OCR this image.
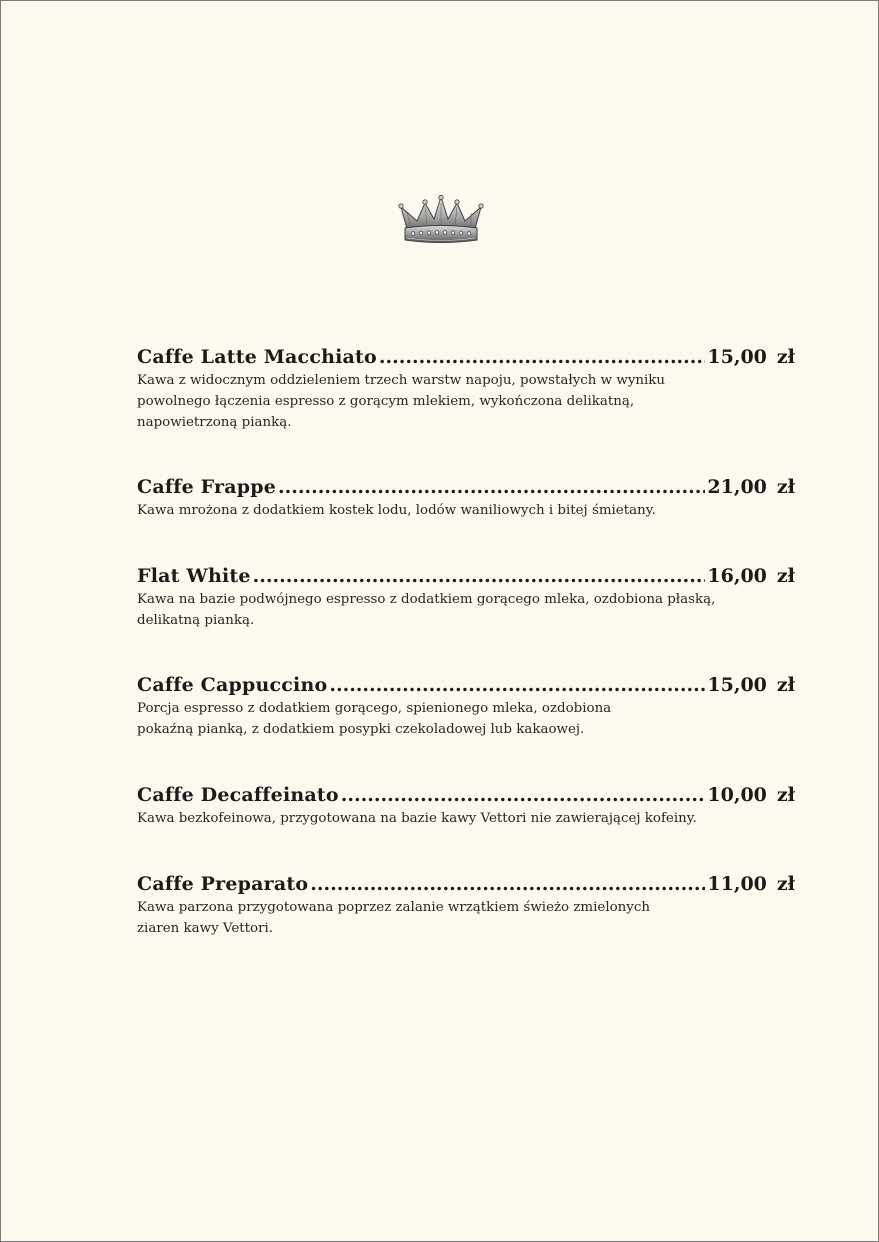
Caffe Latte Macchiato .....	15,00 zł
Kawa z widocznym oddzieleniem trzech warstw napoju, powstałych w wyniku
powolnego łączenia espresso z gorącym mlekiem, wykończona delikatną,
napowietrzoną pianką.
Caffe Frappe .....	21,00 zł
Kawa mrożona z dodatkiem kostek lodu, lodów waniliowych i bitej śmietany.
Flat White .....	16,00 zł
Kawa na bazie podwójnego espresso z dodatkiem gorącego mleka, ozdobiona płaską,
delikatną pianką.
Caffe Cappuccino .....	15,00 zł
Porcja espresso z dodatkiem gorącego, spienionego mleka, ozdobiona
pokaźną pianką, z dodatkiem posypki czekoladowej lub kakaowej.
Caffe Decaffeinato .....	10,00 zł
Kawa bezkofeinowa, przygotowana na bazie kawy Vettori nie zawierającej kofeiny.
Caffe Preparato .....	11,00 zł
Kawa parzona przygotowana poprzez zalanie wrzątkiem świeżo zmielonych
ziaren kawy Vettori.
